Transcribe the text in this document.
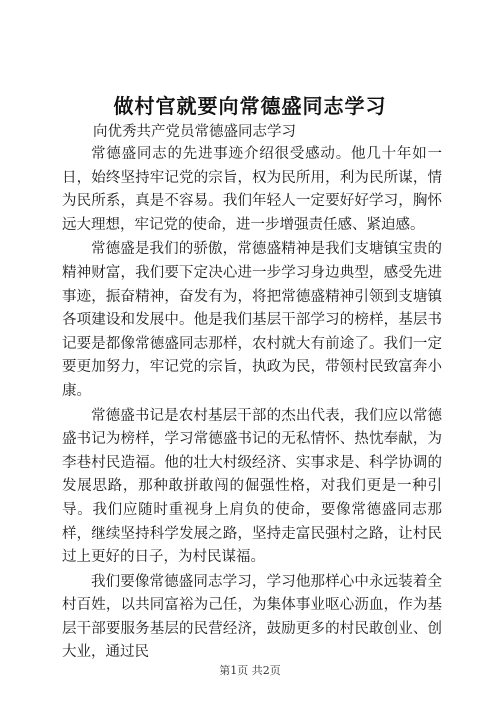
做村官就要向常德盛同志学习
向优秀共产党员常德盛同志学习

常德盛同志的先进事迹介绍很受感动。他几十年如一日，始终坚持牢记党的宗旨，权为民所用，利为民所谋，情为民所系，真是不容易。我们年轻人一定要好好学习，胸怀远大理想，牢记党的使命，进一步增强责任感、紧迫感。

常德盛是我们的骄傲，常德盛精神是我们支塘镇宝贵的精神财富，我们要下定决心进一步学习身边典型，感受先进事迹，振奋精神，奋发有为，将把常德盛精神引领到支塘镇各项建设和发展中。他是我们基层干部学习的榜样，基层书记要是都像常德盛同志那样，农村就大有前途了。我们一定要更加努力，牢记党的宗旨，执政为民，带领村民致富奔小康。

常德盛书记是农村基层干部的杰出代表，我们应以常德盛书记为榜样，学习常德盛书记的无私情怀、热忱奉献，为李巷村民造福。他的壮大村级经济、实事求是、科学协调的发展思路，那种敢拼敢闯的倔强性格，对我们更是一种引导。我们应随时重视身上肩负的使命，要像常德盛同志那样，继续坚持科学发展之路，坚持走富民强村之路，让村民过上更好的日子，为村民谋福。

我们要像常德盛同志学习，学习他那样心中永远装着全村百姓，以共同富裕为己任，为集体事业呕心沥血，作为基层干部要服务基层的民营经济，鼓励更多的村民敢创业、创大业，通过民

第1页 共2页
